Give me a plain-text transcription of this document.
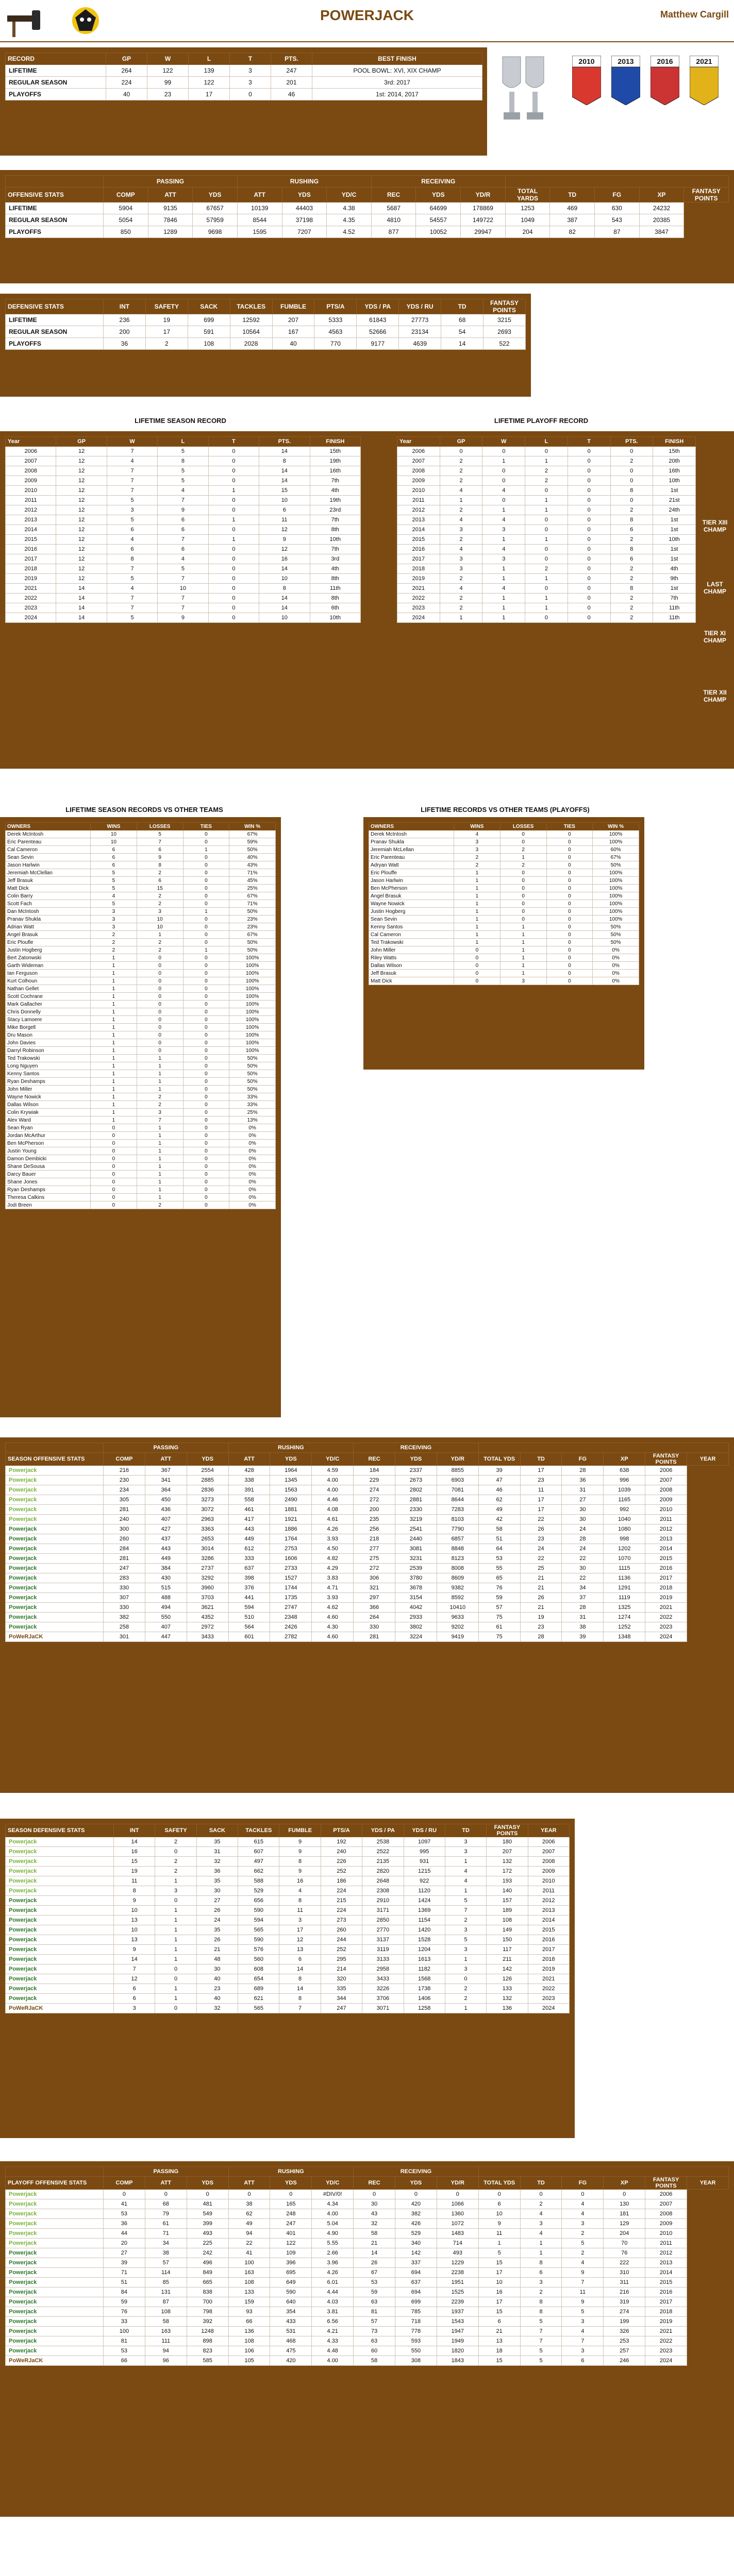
POWERJACK	Matthew Cargill
RECORD	GP	W	L	T	PTS.	BEST FINISH
LIFETIME	264	122	139	3	247	POOL BOWL: XVI, XIX CHAMP
REGULAR SEASON	224	99	122	3	201	3rd: 2017
PLAYOFFS	40	23	17	0	46	1st: 2014, 2017
2010	2013	2016	2021
	PASSING			RUSHING			RECEIVING							
OFFENSIVE STATS	COMP	ATT	YDS	ATT	YDS	YD/C	REC	YDS	YD/R	TOTAL YARDS	TD	FG	XP	FANTASY POINTS
LIFETIME	5904	9135	67657	10139	44403	4.38	5687	64699	178869	1253	469	630	24232	
REGULAR SEASON	5054	7846	57959	8544	37198	4.35	4810	54557	149722	1049	387	543	20385	
PLAYOFFS	850	1289	9698	1595	7207	4.52	877	10052	29947	204	82	87	3847	
DEFENSIVE STATS	INT	SAFETY	SACK	TACKLES	FUMBLE	PTS/A	YDS / PA	YDS / RU	TD	FANTASY POINTS
LIFETIME	236	19	699	12592	207	5333	61843	27773	68	3215
REGULAR SEASON	200	17	591	10564	167	4563	52666	23134	54	2693
PLAYOFFS	36	2	108	2028	40	770	9177	4639	14	522
LIFETIME SEASON RECORD	LIFETIME PLAYOFF RECORD
Year	GP	W	L	T	PTS.	FINISH
2006	12	7	5	0	14	15th
2007	12	4	8	0	8	19th
2008	12	7	5	0	14	16th
2009	12	7	5	0	14	7th
2010	12	7	4	1	15	4th
2011	12	5	7	0	10	19th
2012	12	3	9	0	6	23rd
2013	12	5	6	1	11	7th
2014	12	6	6	0	12	8th
2015	12	4	7	1	9	10th
2016	12	6	6	0	12	7th
2017	12	8	4	0	16	3rd
2018	12	7	5	0	14	4th
2019	12	5	7	0	10	8th
2021	14	4	10	0	8	11th
2022	14	7	7	0	14	8th
2023	14	7	7	0	14	6th
2024	14	5	9	0	10	10th
Year	GP	W	L	T	PTS.	FINISH
2006	0	0	0	0	0	15th
2007	2	1	1	0	2	20th
2008	2	0	2	0	0	16th
2009	2	0	2	0	0	10th
2010	4	4	0	0	8	1st
2011	1	0	1	0	0	21st
2012	2	1	1	0	2	24th
2013	4	4	0	0	8	1st
2014	3	3	0	0	6	1st
2015	2	1	1	0	2	10th
2016	4	4	0	0	8	1st
2017	3	3	0	0	6	1st
2018	3	1	2	0	2	4th
2019	2	1	1	0	2	9th
2021	4	4	0	0	8	1st
2022	2	1	1	0	2	7th
2023	2	1	1	0	2	11th
2024	1	1	0	0	2	11th
TIER XIII CHAMP
LAST CHAMP
TIER XI CHAMP
TIER XII CHAMP
LIFETIME SEASON RECORDS VS OTHER TEAMS	LIFETIME RECORDS VS OTHER TEAMS (PLAYOFFS)
OWNERS	WINS	LOSSES	TIES	WIN %
Derek McIntosh	10	5	0	67%
Eric Parenteau	10	7	0	59%
Cal Cameron	6	6	1	50%
Sean Sevin	6	9	0	40%
Jason Harlwin	6	8	0	43%
Jeremiah McClellan	5	2	0	71%
Jeff Brasuk	5	6	0	45%
Matt Dick	5	15	0	25%
Colin Barry	4	2	0	67%
Scott Fach	5	2	0	71%
Dan McIntosh	3	3	1	50%
Pranav Shukla	3	10	0	23%
Adrian Watt	3	10	0	23%
Angel Brasuk	2	1	0	67%
Eric Ploufle	2	2	0	50%
Justin Hogberg	2	2	1	50%
Bert Zatonwski	1	0	0	100%
Garth Wideman	1	0	0	100%
Ian Ferguson	1	0	0	100%
Kurt Colhoun	1	0	0	100%
Nathan Gellet	1	0	0	100%
Scott Cochrane	1	0	0	100%
Mark Gallacher	1	0	0	100%
Chris Donnelly	1	0	0	100%
Stacy Lamoere	1	0	0	100%
Mike Borgell	1	0	0	100%
Dru Mason	1	0	0	100%
John Davies	1	0	0	100%
Darryl Robinson	1	0	0	100%
Ted Trakowski	1	1	0	50%
Long Nguyen	1	1	0	50%
Kenny Santos	1	1	0	50%
Ryan Deshamps	1	1	0	50%
John Miller	1	1	0	50%
Wayne Nowick	1	2	0	33%
Dallas Wilson	1	2	0	33%
Colin Krywiak	1	3	0	25%
Alex Ward	1	7	0	13%
Sean Ryan	0	1	0	0%
Jordan McArthur	0	1	0	0%
Ben McPherson	0	1	0	0%
Justin Young	0	1	0	0%
Damon Dembicki	0	1	0	0%
Shane DeSousa	0	1	0	0%
Darcy Bauer	0	1	0	0%
Shane Jones	0	1	0	0%
Ryan Deshamps	0	1	0	0%
Theresa Calkins	0	1	0	0%
Jodi Breen	0	2	0	0%
OWNERS	WINS	LOSSES	TIES	WIN %
Derek McIntosh	4	0	0	100%
Pranav Shukla	3	0	0	100%
Jeremiah McLellan	3	2	0	60%
Eric Parenteau	2	1	0	67%
Adryan Watt	2	2	0	50%
Eric Plouffe	1	0	0	100%
Jason Harlwin	1	0	0	100%
Ben McPherson	1	0	0	100%
Angel Brasuk	1	0	0	100%
Wayne Nowick	1	0	0	100%
Justin Hogberg	1	0	0	100%
Sean Sevin	1	0	0	100%
Kenny Santos	1	1	0	50%
Cal Cameron	1	1	0	50%
Ted Trakowski	1	1	0	50%
John Miller	0	1	0	0%
Riley Watts	0	1	0	0%
Dallas Wilson	0	1	0	0%
Jeff Brasuk	0	1	0	0%
Matt Dick	0	3	0	0%
	PASSING			RUSHING			RECEIVING								
SEASON OFFENSIVE STATS	COMP	ATT	YDS	ATT	YDS	YD/C	REC	YDS	YD/R	TOTAL YDS	TD	FG	XP	FANTASY POINTS	YEAR
Powerjack	216	367	2554	428	1964	4.59	184	2337	8855	39	17	28	638	2006	
Powerjack	230	341	2885	338	1345	4.00	229	2673	6903	47	23	36	996	2007	
Powerjack	234	364	2836	391	1563	4.00	274	2802	7081	46	11	31	1039	2008	
Powerjack	305	450	3273	558	2490	4.46	272	2881	8644	62	17	27	1165	2009	
Powerjack	281	436	3072	461	1881	4.08	200	2330	7283	49	17	30	992	2010	
Powerjack	240	407	2963	417	1921	4.61	235	3219	8103	42	22	30	1040	2011	
Powerjack	300	427	3363	443	1886	4.26	256	2541	7790	58	26	24	1080	2012	
Powerjack	260	437	2653	449	1764	3.93	218	2440	6857	51	23	28	998	2013	
Powerjack	284	443	3014	612	2753	4.50	277	3081	8848	64	24	24	1202	2014	
Powerjack	281	449	3286	333	1606	4.82	275	3231	8123	53	22	22	1070	2015	
Powerjack	247	384	2737	637	2733	4.29	272	2539	8008	55	25	30	1115	2016	
Powerjack	283	430	3292	398	1527	3.83	306	3780	8609	65	21	22	1136	2017	
Powerjack	330	515	3960	376	1744	4.71	321	3678	9382	76	21	34	1291	2018	
Powerjack	307	488	3703	441	1735	3.93	297	3154	8592	59	26	37	1119	2019	
Powerjack	330	494	3621	594	2747	4.62	366	4042	10410	57	21	28	1325	2021	
Powerjack	382	550	4352	510	2348	4.60	264	2933	9633	75	19	31	1274	2022	
Powerjack	258	407	2972	564	2426	4.30	330	3802	9202	61	23	38	1252	2023	
PoWeRJaCK	301	447	3433	601	2782	4.60	281	3224	9419	75	28	39	1348	2024	
SEASON DEFENSIVE STATS	INT	SAFETY	SACK	TACKLES	FUMBLE	PTS/A	YDS / PA	YDS / RU	TD	FANTASY POINTS	YEAR
Powerjack	14	2	35	615	9	192	2538	1097	3	180	2006
Powerjack	16	0	31	607	9	240	2522	995	3	207	2007
Powerjack	15	2	32	497	8	226	2135	931	1	132	2008
Powerjack	19	2	36	662	9	252	2820	1215	4	172	2009
Powerjack	11	1	35	588	16	186	2648	922	4	193	2010
Powerjack	8	3	30	529	4	224	2308	1120	1	140	2011
Powerjack	9	0	27	656	8	215	2910	1424	5	157	2012
Powerjack	10	1	26	590	11	224	3171	1369	7	189	2013
Powerjack	13	1	24	594	3	273	2850	1154	2	108	2014
Powerjack	10	1	35	565	17	260	2770	1420	3	149	2015
Powerjack	13	1	26	590	12	244	3137	1528	5	150	2016
Powerjack	9	1	21	576	13	252	3119	1204	3	117	2017
Powerjack	14	1	48	560	6	295	3133	1613	1	211	2018
Powerjack	7	0	30	608	14	214	2958	1182	3	142	2019
Powerjack	12	0	40	654	8	320	3433	1568	0	126	2021
Powerjack	6	1	23	689	14	335	3226	1738	2	133	2022
Powerjack	6	1	40	621	8	344	3706	1406	2	132	2023
PoWeRJaCK	3	0	32	565	7	247	3071	1258	1	136	2024
	PASSING			RUSHING			RECEIVING								
PLAYOFF OFFENSIVE STATS	COMP	ATT	YDS	ATT	YDS	YD/C	REC	YDS	YD/R	TOTAL YDS	TD	FG	XP	FANTASY POINTS	YEAR
Powerjack	0	0	0	0	0	#DIV/0!	0	0	0	0	0	0	0	2006	
Powerjack	41	68	481	38	165	4.34	30	420	1066	6	2	4	130	2007	
Powerjack	53	79	549	62	248	4.00	43	382	1360	10	4	4	181	2008	
Powerjack	36	61	399	49	247	5.04	32	426	1072	9	3	3	129	2009	
Powerjack	44	71	493	94	401	4.90	58	529	1483	11	4	2	204	2010	
Powerjack	20	34	225	22	122	5.55	21	340	714	1	1	5	70	2011	
Powerjack	27	38	242	41	109	2.66	14	142	493	5	1	2	76	2012	
Powerjack	39	57	496	100	396	3.96	26	337	1229	15	8	4	222	2013	
Powerjack	71	114	849	163	695	4.26	67	694	2238	17	6	9	310	2014	
Powerjack	51	85	665	108	649	6.01	53	637	1951	10	3	7	311	2015	
Powerjack	84	131	838	133	590	4.44	59	694	1525	16	2	11	216	2016	
Powerjack	59	87	700	159	640	4.03	63	699	2239	17	8	9	319	2017	
Powerjack	76	108	798	93	354	3.81	81	785	1937	15	8	5	274	2018	
Powerjack	33	58	392	66	433	6.56	57	718	1543	6	5	3	199	2019	
Powerjack	100	163	1248	136	531	4.21	73	778	1947	21	7	4	326	2021	
Powerjack	81	111	898	108	468	4.33	63	593	1949	13	7	7	253	2022	
Powerjack	53	94	823	106	475	4.48	60	550	1820	18	5	3	257	2023	
PoWeRJaCK	66	96	585	105	420	4.00	58	308	1843	15	5	6	246	2024	
